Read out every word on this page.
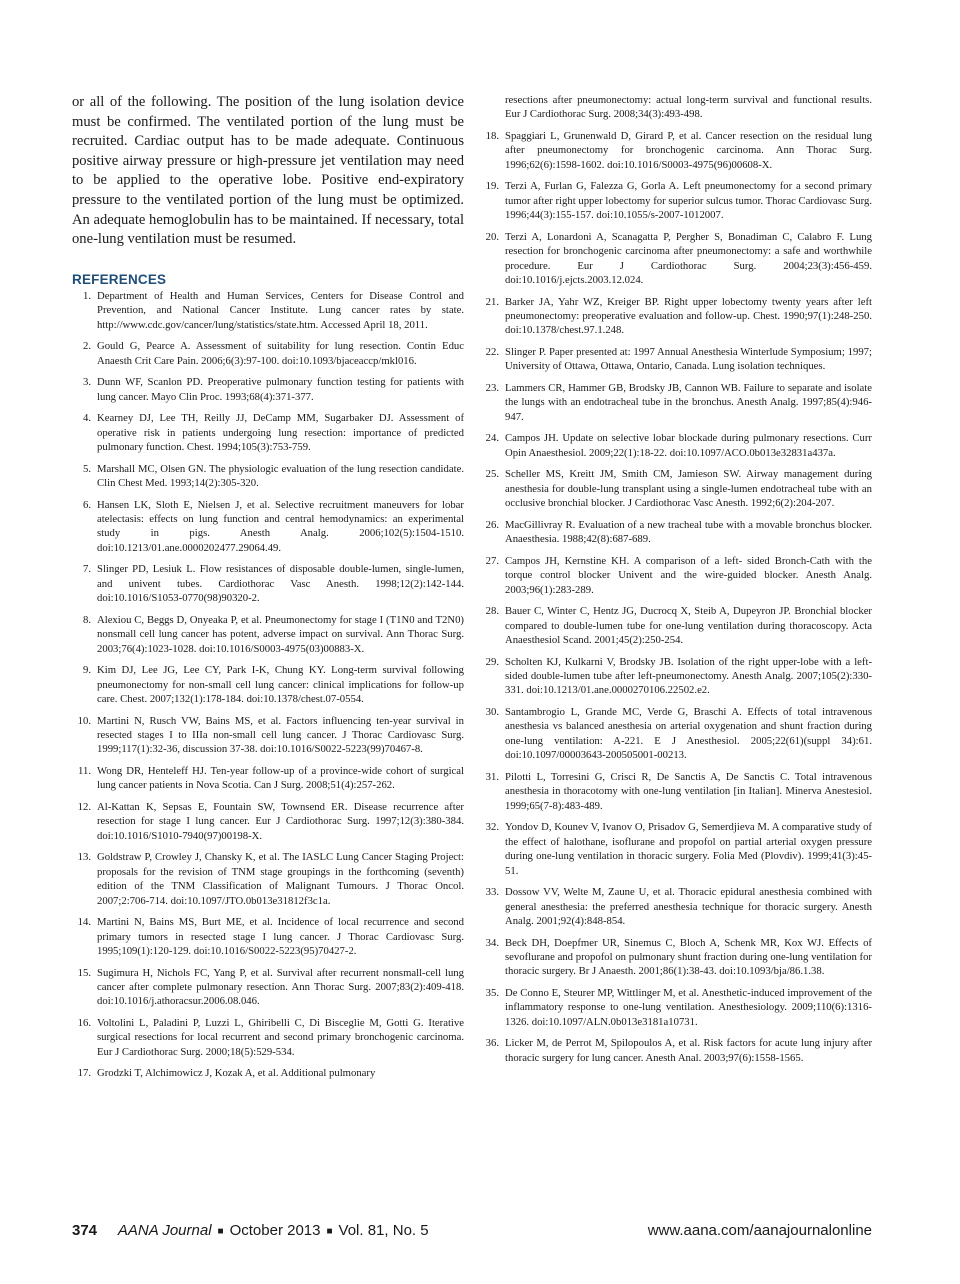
or all of the following. The position of the lung isolation device must be confirmed. The ventilated portion of the lung must be recruited. Cardiac output has to be made adequate. Continuous positive airway pressure or high-pressure jet ventilation may need to be applied to the operative lobe. Positive end-expiratory pressure to the ventilated portion of the lung must be optimized. An adequate hemoglobulin has to be maintained. If necessary, total one-lung ventilation must be resumed.

REFERENCES
1. Department of Health and Human Services, Centers for Disease Control and Prevention, and National Cancer Institute. Lung cancer rates by state. http://www.cdc.gov/cancer/lung/statistics/state.htm. Accessed April 18, 2011.
2. Gould G, Pearce A. Assessment of suitability for lung resection. Contin Educ Anaesth Crit Care Pain. 2006;6(3):97-100. doi:10.1093/bjaceaccp/mkl016.
3. Dunn WF, Scanlon PD. Preoperative pulmonary function testing for patients with lung cancer. Mayo Clin Proc. 1993;68(4):371-377.
4. Kearney DJ, Lee TH, Reilly JJ, DeCamp MM, Sugarbaker DJ. Assessment of operative risk in patients undergoing lung resection: importance of predicted pulmonary function. Chest. 1994;105(3):753-759.
5. Marshall MC, Olsen GN. The physiologic evaluation of the lung resection candidate. Clin Chest Med. 1993;14(2):305-320.
6. Hansen LK, Sloth E, Nielsen J, et al. Selective recruitment maneuvers for lobar atelectasis: effects on lung function and central hemodynamics: an experimental study in pigs. Anesth Analg. 2006;102(5):1504-1510. doi:10.1213/01.ane.0000202477.29064.49.
7. Slinger PD, Lesiuk L. Flow resistances of disposable double-lumen, single-lumen, and univent tubes. Cardiothorac Vasc Anesth. 1998;12(2):142-144. doi:10.1016/S1053-0770(98)90320-2.
8. Alexiou C, Beggs D, Onyeaka P, et al. Pneumonectomy for stage I (T1N0 and T2N0) nonsmall cell lung cancer has potent, adverse impact on survival. Ann Thorac Surg. 2003;76(4):1023-1028. doi:10.1016/S0003-4975(03)00883-X.
9. Kim DJ, Lee JG, Lee CY, Park I-K, Chung KY. Long-term survival following pneumonectomy for non-small cell lung cancer: clinical implications for follow-up care. Chest. 2007;132(1):178-184. doi:10.1378/chest.07-0554.
10. Martini N, Rusch VW, Bains MS, et al. Factors influencing ten-year survival in resected stages I to IIIa non-small cell lung cancer. J Thorac Cardiovasc Surg. 1999;117(1):32-36, discussion 37-38. doi:10.1016/S0022-5223(99)70467-8.
11. Wong DR, Henteleff HJ. Ten-year follow-up of a province-wide cohort of surgical lung cancer patients in Nova Scotia. Can J Surg. 2008;51(4):257-262.
12. Al-Kattan K, Sepsas E, Fountain SW, Townsend ER. Disease recurrence after resection for stage I lung cancer. Eur J Cardiothorac Surg. 1997;12(3):380-384. doi:10.1016/S1010-7940(97)00198-X.
13. Goldstraw P, Crowley J, Chansky K, et al. The IASLC Lung Cancer Staging Project: proposals for the revision of TNM stage groupings in the forthcoming (seventh) edition of the TNM Classification of Malignant Tumours. J Thorac Oncol. 2007;2:706-714. doi:10.1097/JTO.0b013e31812f3c1a.
14. Martini N, Bains MS, Burt ME, et al. Incidence of local recurrence and second primary tumors in resected stage I lung cancer. J Thorac Cardiovasc Surg. 1995;109(1):120-129. doi:10.1016/S0022-5223(95)70427-2.
15. Sugimura H, Nichols FC, Yang P, et al. Survival after recurrent nonsmall-cell lung cancer after complete pulmonary resection. Ann Thorac Surg. 2007;83(2):409-418. doi:10.1016/j.athoracsur.2006.08.046.
16. Voltolini L, Paladini P, Luzzi L, Ghiribelli C, Di Bisceglie M, Gotti G. Iterative surgical resections for local recurrent and second primary bronchogenic carcinoma. Eur J Cardiothorac Surg. 2000;18(5):529-534.
17. Grodzki T, Alchimowicz J, Kozak A, et al. Additional pulmonary
resections after pneumonectomy: actual long-term survival and functional results. Eur J Cardiothorac Surg. 2008;34(3):493-498.
18. Spaggiari L, Grunenwald D, Girard P, et al. Cancer resection on the residual lung after pneumonectomy for bronchogenic carcinoma. Ann Thorac Surg. 1996;62(6):1598-1602. doi:10.1016/S0003-4975(96)00608-X.
19. Terzi A, Furlan G, Falezza G, Gorla A. Left pneumonectomy for a second primary tumor after right upper lobectomy for superior sulcus tumor. Thorac Cardiovasc Surg. 1996;44(3):155-157. doi:10.1055/s-2007-1012007.
20. Terzi A, Lonardoni A, Scanagatta P, Pergher S, Bonadiman C, Calabro F. Lung resection for bronchogenic carcinoma after pneumonectomy: a safe and worthwhile procedure. Eur J Cardiothorac Surg. 2004;23(3):456-459. doi:10.1016/j.ejcts.2003.12.024.
21. Barker JA, Yahr WZ, Kreiger BP. Right upper lobectomy twenty years after left pneumonectomy: preoperative evaluation and follow-up. Chest. 1990;97(1):248-250. doi:10.1378/chest.97.1.248.
22. Slinger P. Paper presented at: 1997 Annual Anesthesia Winterlude Symposium; 1997; University of Ottawa, Ottawa, Ontario, Canada. Lung isolation techniques.
23. Lammers CR, Hammer GB, Brodsky JB, Cannon WB. Failure to separate and isolate the lungs with an endotracheal tube in the bronchus. Anesth Analg. 1997;85(4):946-947.
24. Campos JH. Update on selective lobar blockade during pulmonary resections. Curr Opin Anaesthesiol. 2009;22(1):18-22. doi:10.1097/ACO.0b013e32831a437a.
25. Scheller MS, Kreitt JM, Smith CM, Jamieson SW. Airway management during anesthesia for double-lung transplant using a single-lumen endotracheal tube with an occlusive bronchial blocker. J Cardiothorac Vasc Anesth. 1992;6(2):204-207.
26. MacGillivray R. Evaluation of a new tracheal tube with a movable bronchus blocker. Anaesthesia. 1988;42(8):687-689.
27. Campos JH, Kernstine KH. A comparison of a left- sided Bronch-Cath with the torque control blocker Univent and the wire-guided blocker. Anesth Analg. 2003;96(1):283-289.
28. Bauer C, Winter C, Hentz JG, Ducrocq X, Steib A, Dupeyron JP. Bronchial blocker compared to double-lumen tube for one-lung ventilation during thoracoscopy. Acta Anaesthesiol Scand. 2001;45(2):250-254.
29. Scholten KJ, Kulkarni V, Brodsky JB. Isolation of the right upper-lobe with a left-sided double-lumen tube after left-pneumonectomy. Anesth Analg. 2007;105(2):330-331. doi:10.1213/01.ane.0000270106.22502.e2.
30. Santambrogio L, Grande MC, Verde G, Braschi A. Effects of total intravenous anesthesia vs balanced anesthesia on arterial oxygenation and shunt fraction during one-lung ventilation: A-221. E J Anesthesiol. 2005;22(61)(suppl 34):61. doi:10.1097/00003643-200505001-00213.
31. Pilotti L, Torresini G, Crisci R, De Sanctis A, De Sanctis C. Total intravenous anesthesia in thoracotomy with one-lung ventilation [in Italian]. Minerva Anestesiol. 1999;65(7-8):483-489.
32. Yondov D, Kounev V, Ivanov O, Prisadov G, Semerdjieva M. A comparative study of the effect of halothane, isoflurane and propofol on partial arterial oxygen pressure during one-lung ventilation in thoracic surgery. Folia Med (Plovdiv). 1999;41(3):45-51.
33. Dossow VV, Welte M, Zaune U, et al. Thoracic epidural anesthesia combined with general anesthesia: the preferred anesthesia technique for thoracic surgery. Anesth Analg. 2001;92(4):848-854.
34. Beck DH, Doepfmer UR, Sinemus C, Bloch A, Schenk MR, Kox WJ. Effects of sevoflurane and propofol on pulmonary shunt fraction during one-lung ventilation for thoracic surgery. Br J Anaesth. 2001;86(1):38-43. doi:10.1093/bja/86.1.38.
35. De Conno E, Steurer MP, Wittlinger M, et al. Anesthetic-induced improvement of the inflammatory response to one-lung ventilation. Anesthesiology. 2009;110(6):1316-1326. doi:10.1097/ALN.0b013e3181a10731.
36. Licker M, de Perrot M, Spilopoulos A, et al. Risk factors for acute lung injury after thoracic surgery for lung cancer. Anesth Anal. 2003;97(6):1558-1565.
374 AANA Journal ■ October 2013 ■ Vol. 81, No. 5	www.aana.com/aanajournalonline
